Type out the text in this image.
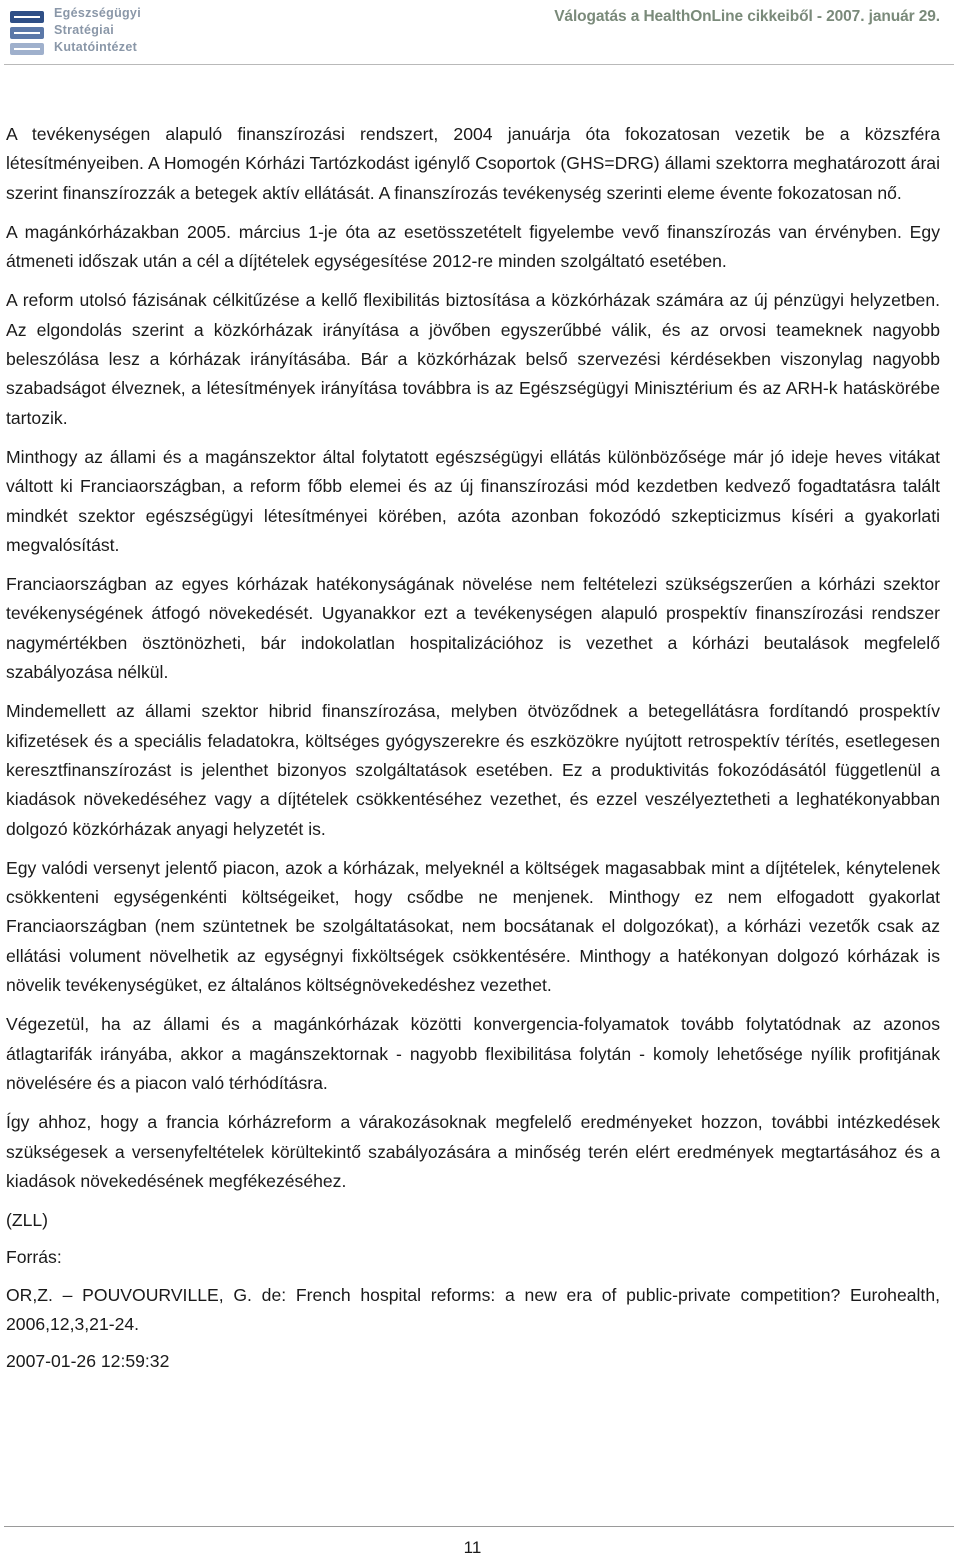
Egészségügyi
Stratégiai
Kutatóintézet
Válogatás a HealthOnLine cikkeiből - 2007. január 29.

A tevékenységen alapuló finanszírozási rendszert, 2004 januárja óta fokozatosan vezetik be a közszféra létesítményeiben. A Homogén Kórházi Tartózkodást igénylő Csoportok (GHS=DRG) állami szektorra meghatározott árai szerint finanszírozzák a betegek aktív ellátását. A finanszírozás tevékenység szerinti eleme évente fokozatosan nő.

A magánkórházakban 2005. március 1-je óta az esetösszetételt figyelembe vevő finanszírozás van érvényben. Egy átmeneti időszak után a cél a díjtételek egységesítése 2012-re minden szolgáltató esetében.

A reform utolsó fázisának célkitűzése a kellő flexibilitás biztosítása a közkórházak számára az új pénzügyi helyzetben. Az elgondolás szerint a közkórházak irányítása a jövőben egyszerűbbé válik, és az orvosi teameknek nagyobb beleszólása lesz a kórházak irányításába. Bár a közkórházak belső szervezési kérdésekben viszonylag nagyobb szabadságot élveznek, a létesítmények irányítása továbbra is az Egészségügyi Minisztérium és az ARH-k hatáskörébe tartozik.

Minthogy az állami és a magánszektor által folytatott egészségügyi ellátás különbözősége már jó ideje heves vitákat váltott ki Franciaországban, a reform főbb elemei és az új finanszírozási mód kezdetben kedvező fogadtatásra talált mindkét szektor egészségügyi létesítményei körében, azóta azonban fokozódó szkepticizmus kíséri a gyakorlati megvalósítást.

Franciaországban az egyes kórházak hatékonyságának növelése nem feltételezi szükségszerűen a kórházi szektor tevékenységének átfogó növekedését. Ugyanakkor ezt a tevékenységen alapuló prospektív finanszírozási rendszer nagymértékben ösztönözheti, bár indokolatlan hospitalizációhoz is vezethet a kórházi beutalások megfelelő szabályozása nélkül.

Mindemellett az állami szektor hibrid finanszírozása, melyben ötvöződnek a betegellátásra fordítandó prospektív kifizetések és a speciális feladatokra, költséges gyógyszerekre és eszközökre nyújtott retrospektív térítés, esetlegesen keresztfinanszírozást is jelenthet bizonyos szolgáltatások esetében. Ez a produktivitás fokozódásától függetlenül a kiadások növekedéséhez vagy a díjtételek csökkentéséhez vezethet, és ezzel veszélyeztetheti a leghatékonyabban dolgozó közkórházak anyagi helyzetét is.

Egy valódi versenyt jelentő piacon, azok a kórházak, melyeknél a költségek magasabbak mint a díjtételek, kénytelenek csökkenteni egységenkénti költségeiket, hogy csődbe ne menjenek. Minthogy ez nem elfogadott gyakorlat Franciaországban (nem szüntetnek be szolgáltatásokat, nem bocsátanak el dolgozókat), a kórházi vezetők csak az ellátási volument növelhetik az egységnyi fixköltségek csökkentésére. Minthogy a hatékonyan dolgozó kórházak is növelik tevékenységüket, ez általános költségnövekedéshez vezethet.

Végezetül, ha az állami és a magánkórházak közötti konvergencia-folyamatok tovább folytatódnak az azonos átlagtarifák irányába, akkor a magánszektornak - nagyobb flexibilitása folytán - komoly lehetősége nyílik profitjának növelésére és a piacon való térhódításra.

Így ahhoz, hogy a francia kórházreform a várakozásoknak megfelelő eredményeket hozzon, további intézkedések szükségesek a versenyfeltételek körültekintő szabályozására a minőség terén elért eredmények megtartásához és a kiadások növekedésének megfékezéséhez.

(ZLL)

Forrás:

OR,Z. – POUVOURVILLE, G. de: French hospital reforms: a new era of public-private competition? Eurohealth, 2006,12,3,21-24.

2007-01-26 12:59:32

11
